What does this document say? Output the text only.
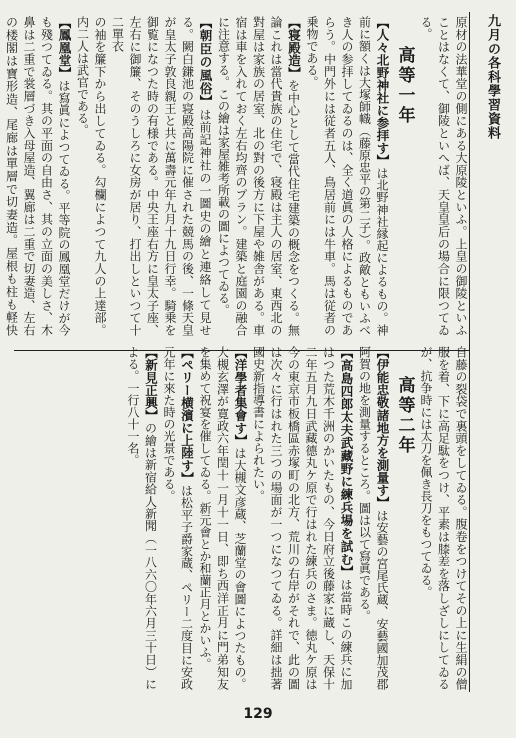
九月の各科學習資料

原材の法華堂の側にある大原陵といふ。上皇の御陵といふことはなくて、御陵といへば、天皇皇后の場合に限つてゐる。

高等一年

【人々北野神社に参拝す】は北野神社縁起によるもの。神前に額くは大塚師幟（藤原忠平の第二子）。政敵ともいふべき人の参拝してゐるのは、全く道眞の人格によるものであらう。中門外には従者五人、鳥居前には牛車。馬は従者の乗物である。

【寝殿造】を中心として當代住宅建築の概念をつくる。無論これは當代貴族の住宅で、寝殿は主人の居室、東西北の對屋は家族の居室、北の對の後方に下屋や雑舎がある。車宿は車を入れておく左右均齊のプラン。建築と庭園の融合に注意する。この繪は家屋雑考所載の圖によつてゐる。

【朝臣の風俗】は前記神社の一圖史の繪と連絡して見せる。闕白鎌池の寝殿高陽院に催された競馬の後、一條天皇が皇太子敦良親王と共に萬壽元年九月十九日行幸。騎乗を御覧になつた時の有様である。中央王座右方に皇太子座、左右に御簾、そのうしろに女房が居り、打出しといつて十二單衣

の袖を簾下から出してゐる。勾欄によつて九人の上達部。内二人は武官である。

【鳳凰堂】は寫眞によつてゐる。平等院の鳳凰堂だけが今も殘つてゐる。其の平面の自由さ、其の立面の美しさ、木鼻は二重で裳層づき入母屋造、翼廊は二重で切妻造、左右の楼閣は寶形造、尾廊は單層で切妻造。屋根も柱も軽快

自藤の裂袋で裏頭をしてゐる。腹卷をつけてその上に生絹の僧服を着、下に高足駄をつけ、平素は膝差を落しざしにしてゐるが、抗争時には太刀を佩き長刀をもつてゐる。

高等二年

【伊能忠敬諸地方を測量す】は安藝の宮尾氏蔵、安藝國加茂郡阿賀の地を測量するところ。圖は以て寫眞である。

【高島四郎太夫武藏野に練兵場を試む】は當時この練兵に加はつた荒木千洲のかいたもの、今日府立後藤家に蔵し、天保十二年五月九日武藏德丸ケ原で行はれた練兵のさま。徳丸ケ原は今の東京市板橋區赤塚町の北方、荒川の右岸がそれで、此の圖は次々に行はれた三つの場面が一つになつてゐる。詳細は拙著國史新指導書によられたい。

【洋學者集會す】は大槻文彦蔵、芝蘭堂の會圖によつたもの。大槻玄澤が寛政六年閏十一月十一日、即ち西洋正月に門弟知友を集めて祝宴を催してゐる。新元會とか和蘭正月とかいふ。

【ペリー横濱に上陸す】は松平子爵家蔵、ペリー二度目に安政元年に來た時の光景である。

【新見正興】の繪は新宿給人新聞（一八六〇年六月三十日）による。一行八十一名。

129
